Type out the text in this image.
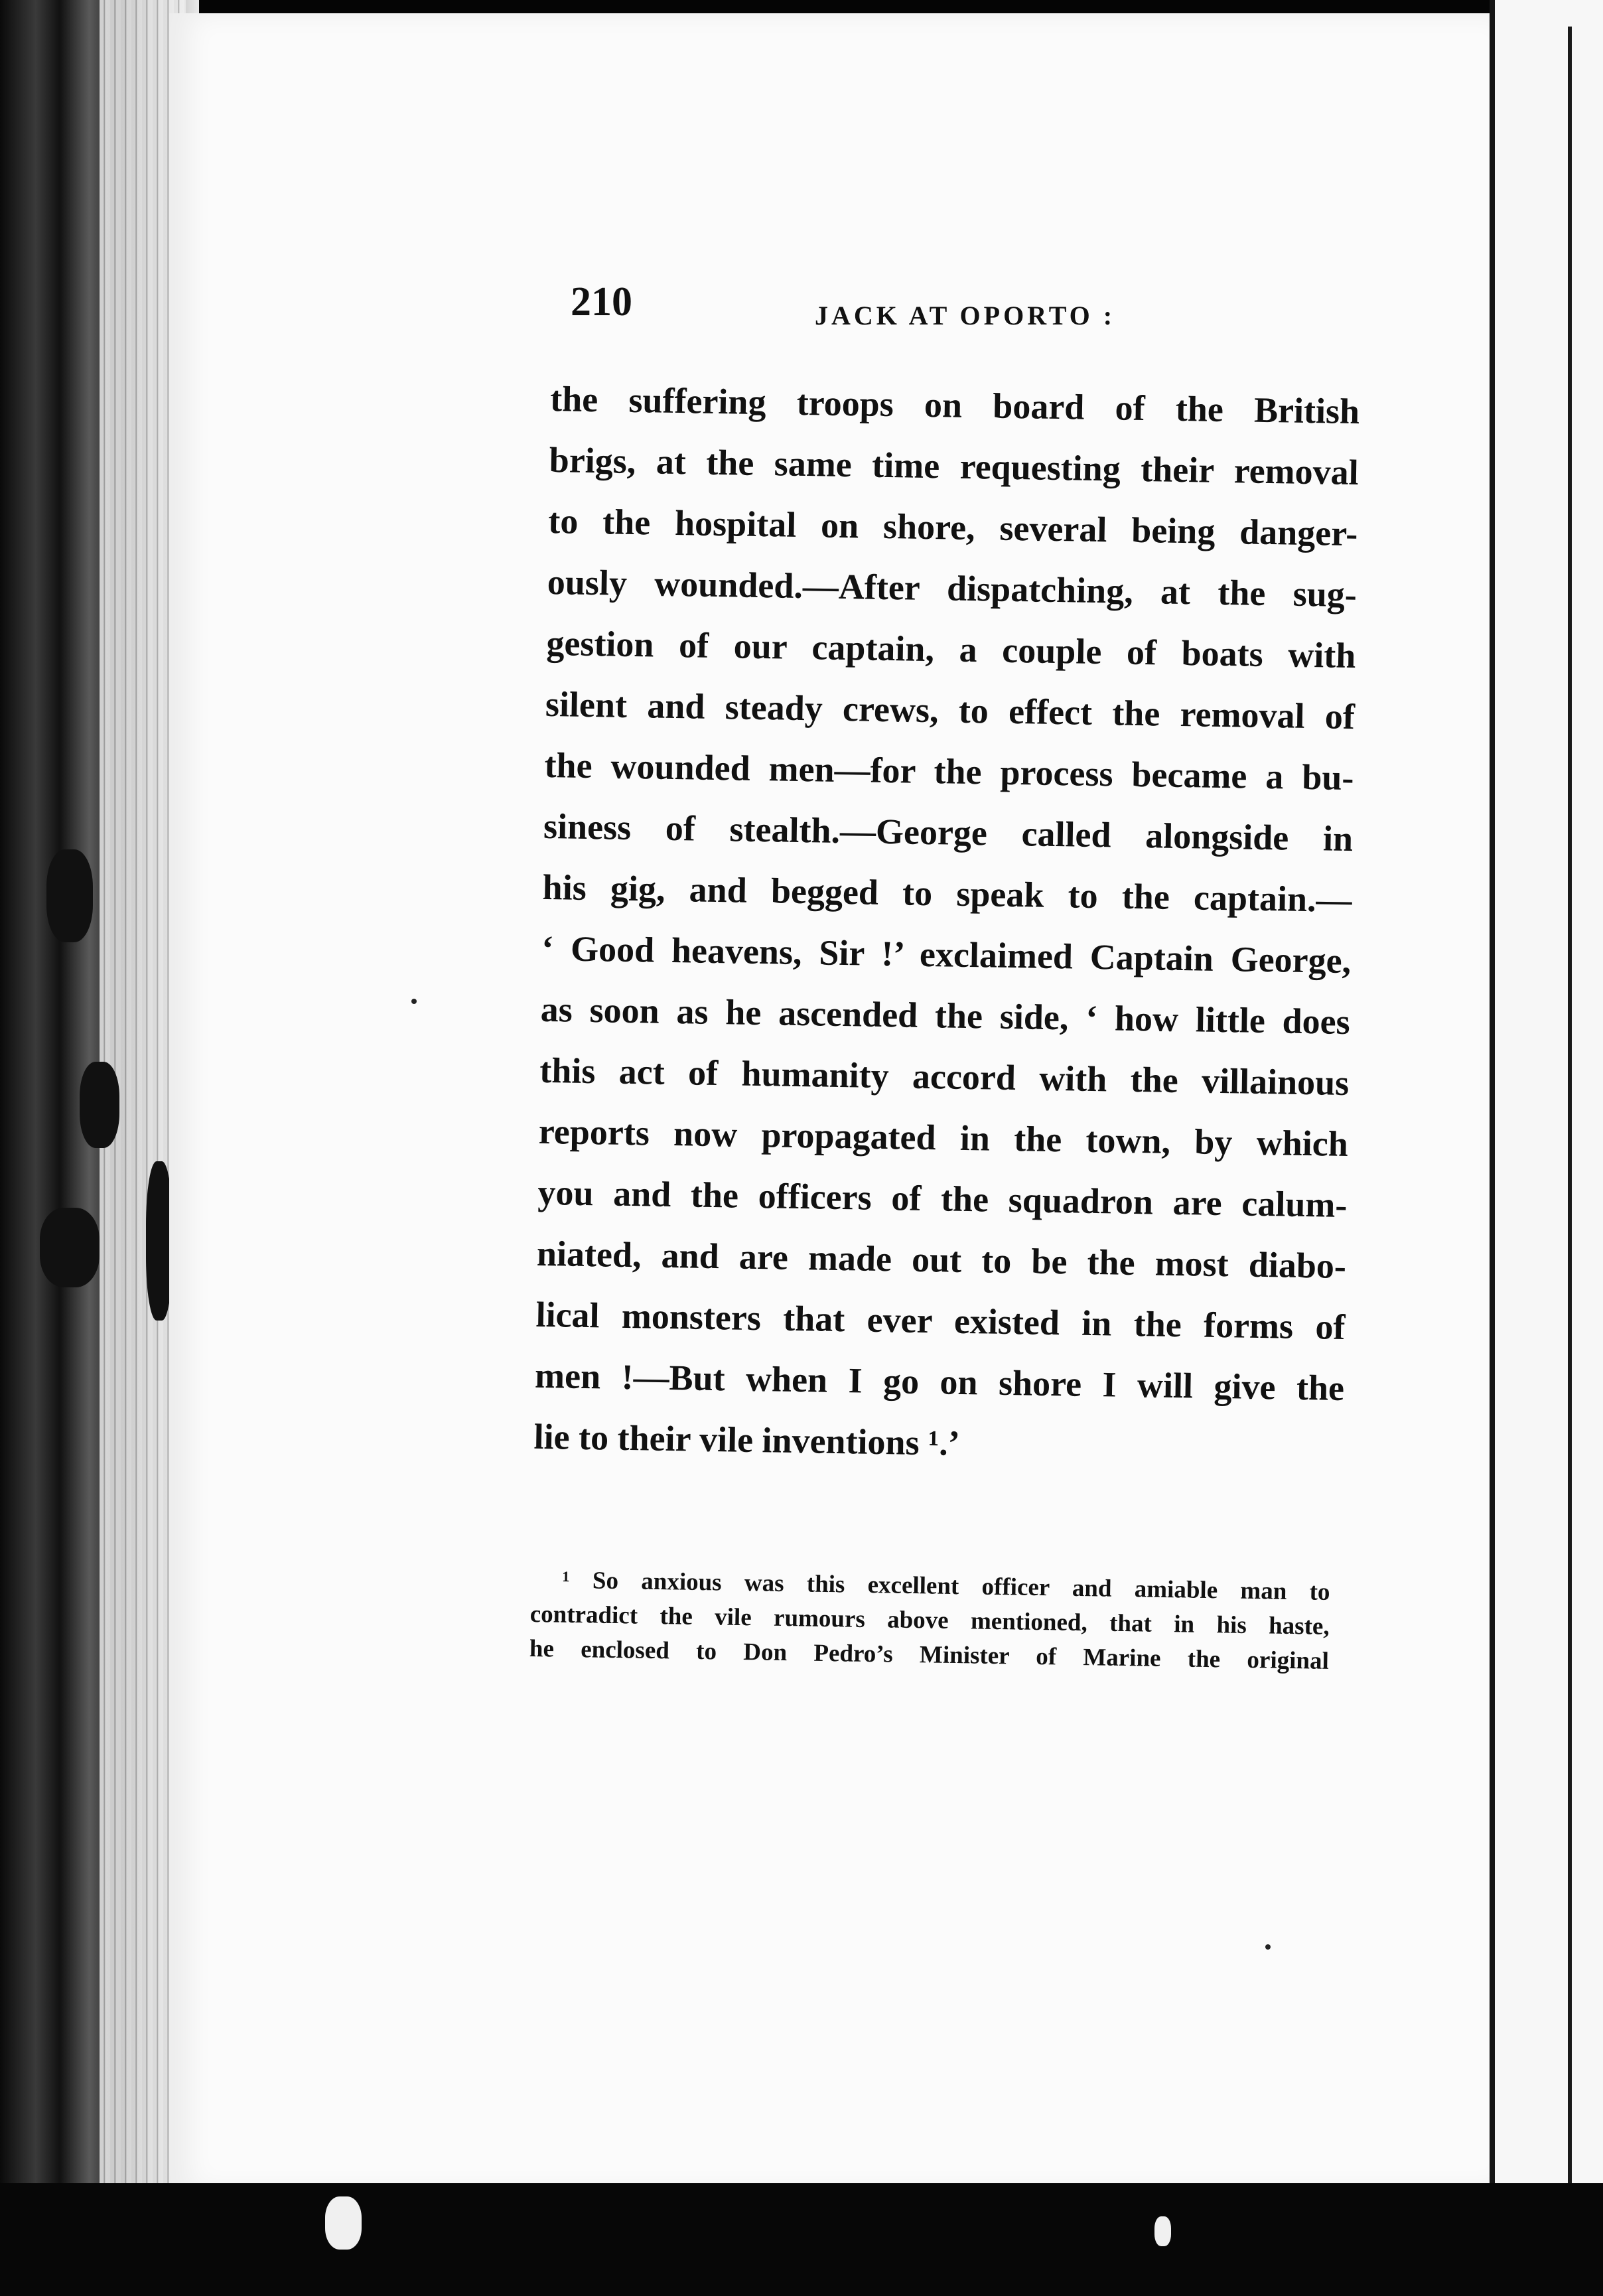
210	JACK AT OPORTO :
the suffering troops on board of the British
brigs, at the same time requesting their removal
to the hospital on shore, several being danger-
ously wounded.—After dispatching, at the sug-
gestion of our captain, a couple of boats with
silent and steady crews, to effect the removal of
the wounded men—for the process became a bu-
siness of stealth.—George called alongside in
his gig, and begged to speak to the captain.—
‘ Good heavens, Sir !’ exclaimed Captain George,
as soon as he ascended the side, ‘ how little does
this act of humanity accord with the villainous
reports now propagated in the town, by which
you and the officers of the squadron are calum-
niated, and are made out to be the most diabo-
lical monsters that ever existed in the forms of
men !—But when I go on shore I will give the
lie to their vile inventions ¹.’
¹ So anxious was this excellent officer and amiable man to
contradict the vile rumours above mentioned, that in his haste,
he enclosed to Don Pedro’s Minister of Marine the original
